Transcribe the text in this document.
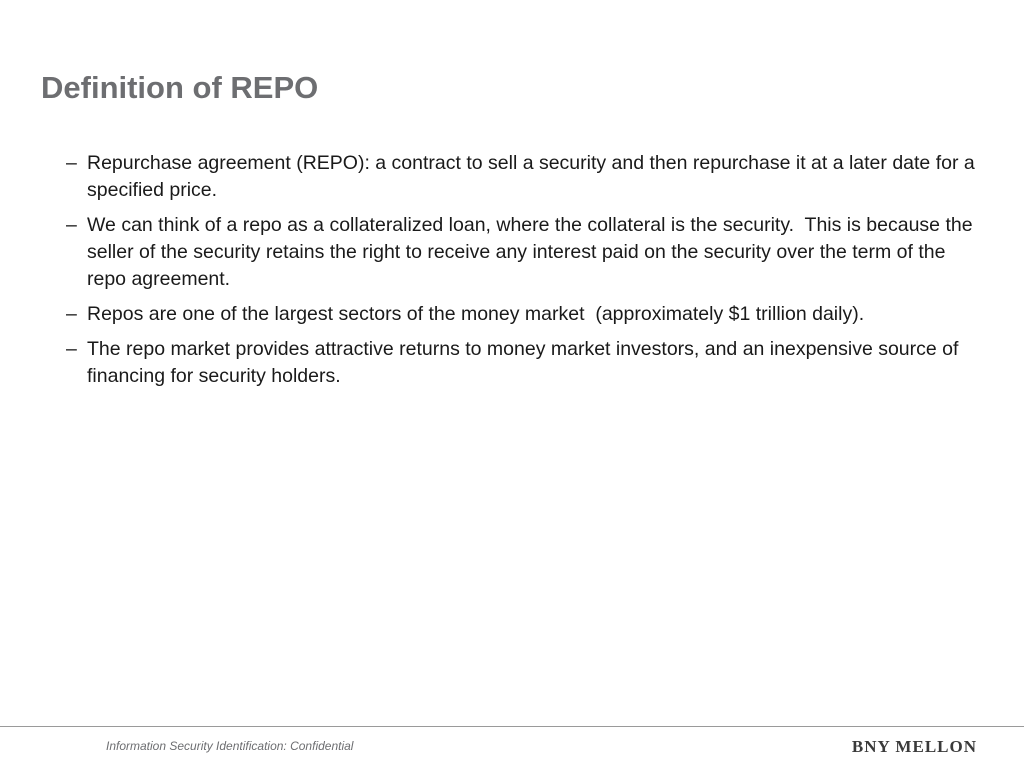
Definition of REPO
– Repurchase agreement (REPO): a contract to sell a security and then repurchase it at a later date for a specified price.
– We can think of a repo as a collateralized loan, where the collateral is the security.  This is because the seller of the security retains the right to receive any interest paid on the security over the term of the repo agreement.
– Repos are one of the largest sectors of the money market  (approximately $1 trillion daily).
– The repo market provides attractive returns to money market investors, and an inexpensive source of financing for security holders.
Information Security Identification: Confidential	BNY MELLON
